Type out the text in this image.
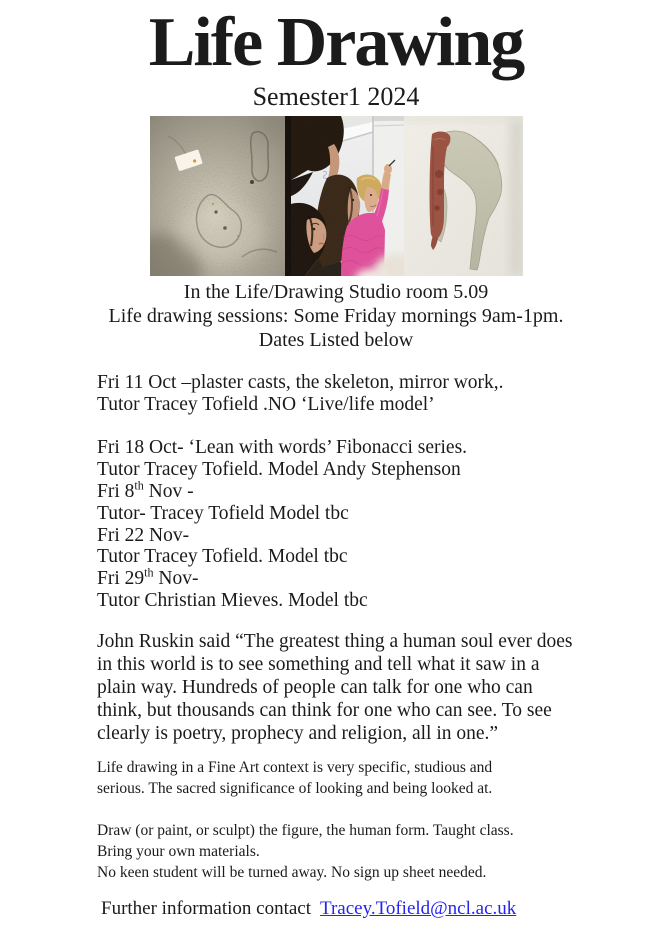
Life Drawing
Semester1 2024
In the Life/Drawing Studio room 5.09
Life drawing sessions: Some Friday mornings 9am-1pm.
Dates Listed below
Fri 11 Oct –plaster casts, the skeleton, mirror work,.
Tutor Tracey Tofield .NO ‘Live/life model’
Fri 18 Oct- ‘Lean with words’ Fibonacci series.
Tutor Tracey Tofield. Model Andy Stephenson
Fri 8th Nov -
Tutor- Tracey Tofield Model tbc
Fri 22 Nov-
Tutor Tracey Tofield. Model tbc
Fri 29th Nov-
Tutor Christian Mieves. Model tbc
John Ruskin said “The greatest thing a human soul ever does
in this world is to see something and tell what it saw in a
plain way. Hundreds of people can talk for one who can
think, but thousands can think for one who can see. To see
clearly is poetry, prophecy and religion, all in one.”
Life drawing in a Fine Art context is very specific, studious and
serious. The sacred significance of looking and being looked at.
Draw (or paint, or sculpt) the figure, the human form. Taught class.
Bring your own materials.
No keen student will be turned away. No sign up sheet needed.
Further information contact Tracey.Tofield@ncl.ac.uk
